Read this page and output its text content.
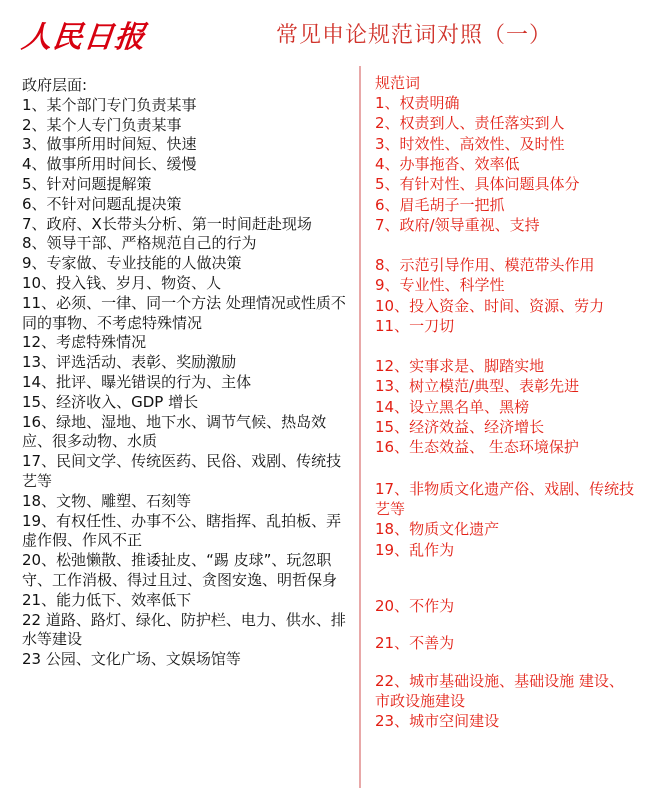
人民日报	常见申论规范词对照（一）
政府层面:
1、某个部门专门负责某事
2、某个人专门负责某事
3、做事所用时间短、快速
4、做事所用时间长、缓慢
5、针对问题提解策
6、不针对问题乱提决策
7、政府、X长带头分析、第一时间赶赴现场
8、领导干部、严格规范自己的行为
9、专家做、专业技能的人做决策
10、投入钱、岁月、物资、人
11、必须、一律、同一个方法 处理情况或性质不同的事物、不考虑特殊情况
12、考虑特殊情况
13、评选活动、表彰、奖励激励
14、批评、曝光错误的行为、主体
15、经济收入、GDP 增长
16、绿地、湿地、地下水、调节气候、热岛效应、很多动物、水质
17、民间文学、传统医药、民俗、戏剧、传统技艺等
18、文物、雕塑、石刻等
19、有权任性、办事不公、瞎指挥、乱拍板、弄虚作假、作风不正
20、松弛懒散、推诿扯皮、“踢 皮球”、玩忽职守、工作消极、得过且过、贪图安逸、明哲保身
21、能力低下、效率低下
22 道路、路灯、绿化、防护栏、电力、供水、排水等建设
23 公园、文化广场、文娱场馆等
规范词
1、权责明确
2、权责到人、责任落实到人
3、时效性、高效性、及时性
4、办事拖沓、效率低
5、有针对性、具体问题具体分
6、眉毛胡子一把抓
7、政府/领导重视、支持
8、示范引导作用、模范带头作用
9、专业性、科学性
10、投入资金、时间、资源、劳力
11、一刀切
12、实事求是、脚踏实地
13、树立模范/典型、表彰先进
14、设立黑名单、黑榜
15、经济效益、经济增长
16、生态效益、 生态环境保护
17、非物质文化遗产俗、戏剧、传统技艺等
18、物质文化遗产
19、乱作为
20、不作为
21、不善为
22、城市基础设施、基础设施 建设、市政设施建设
23、城市空间建设
